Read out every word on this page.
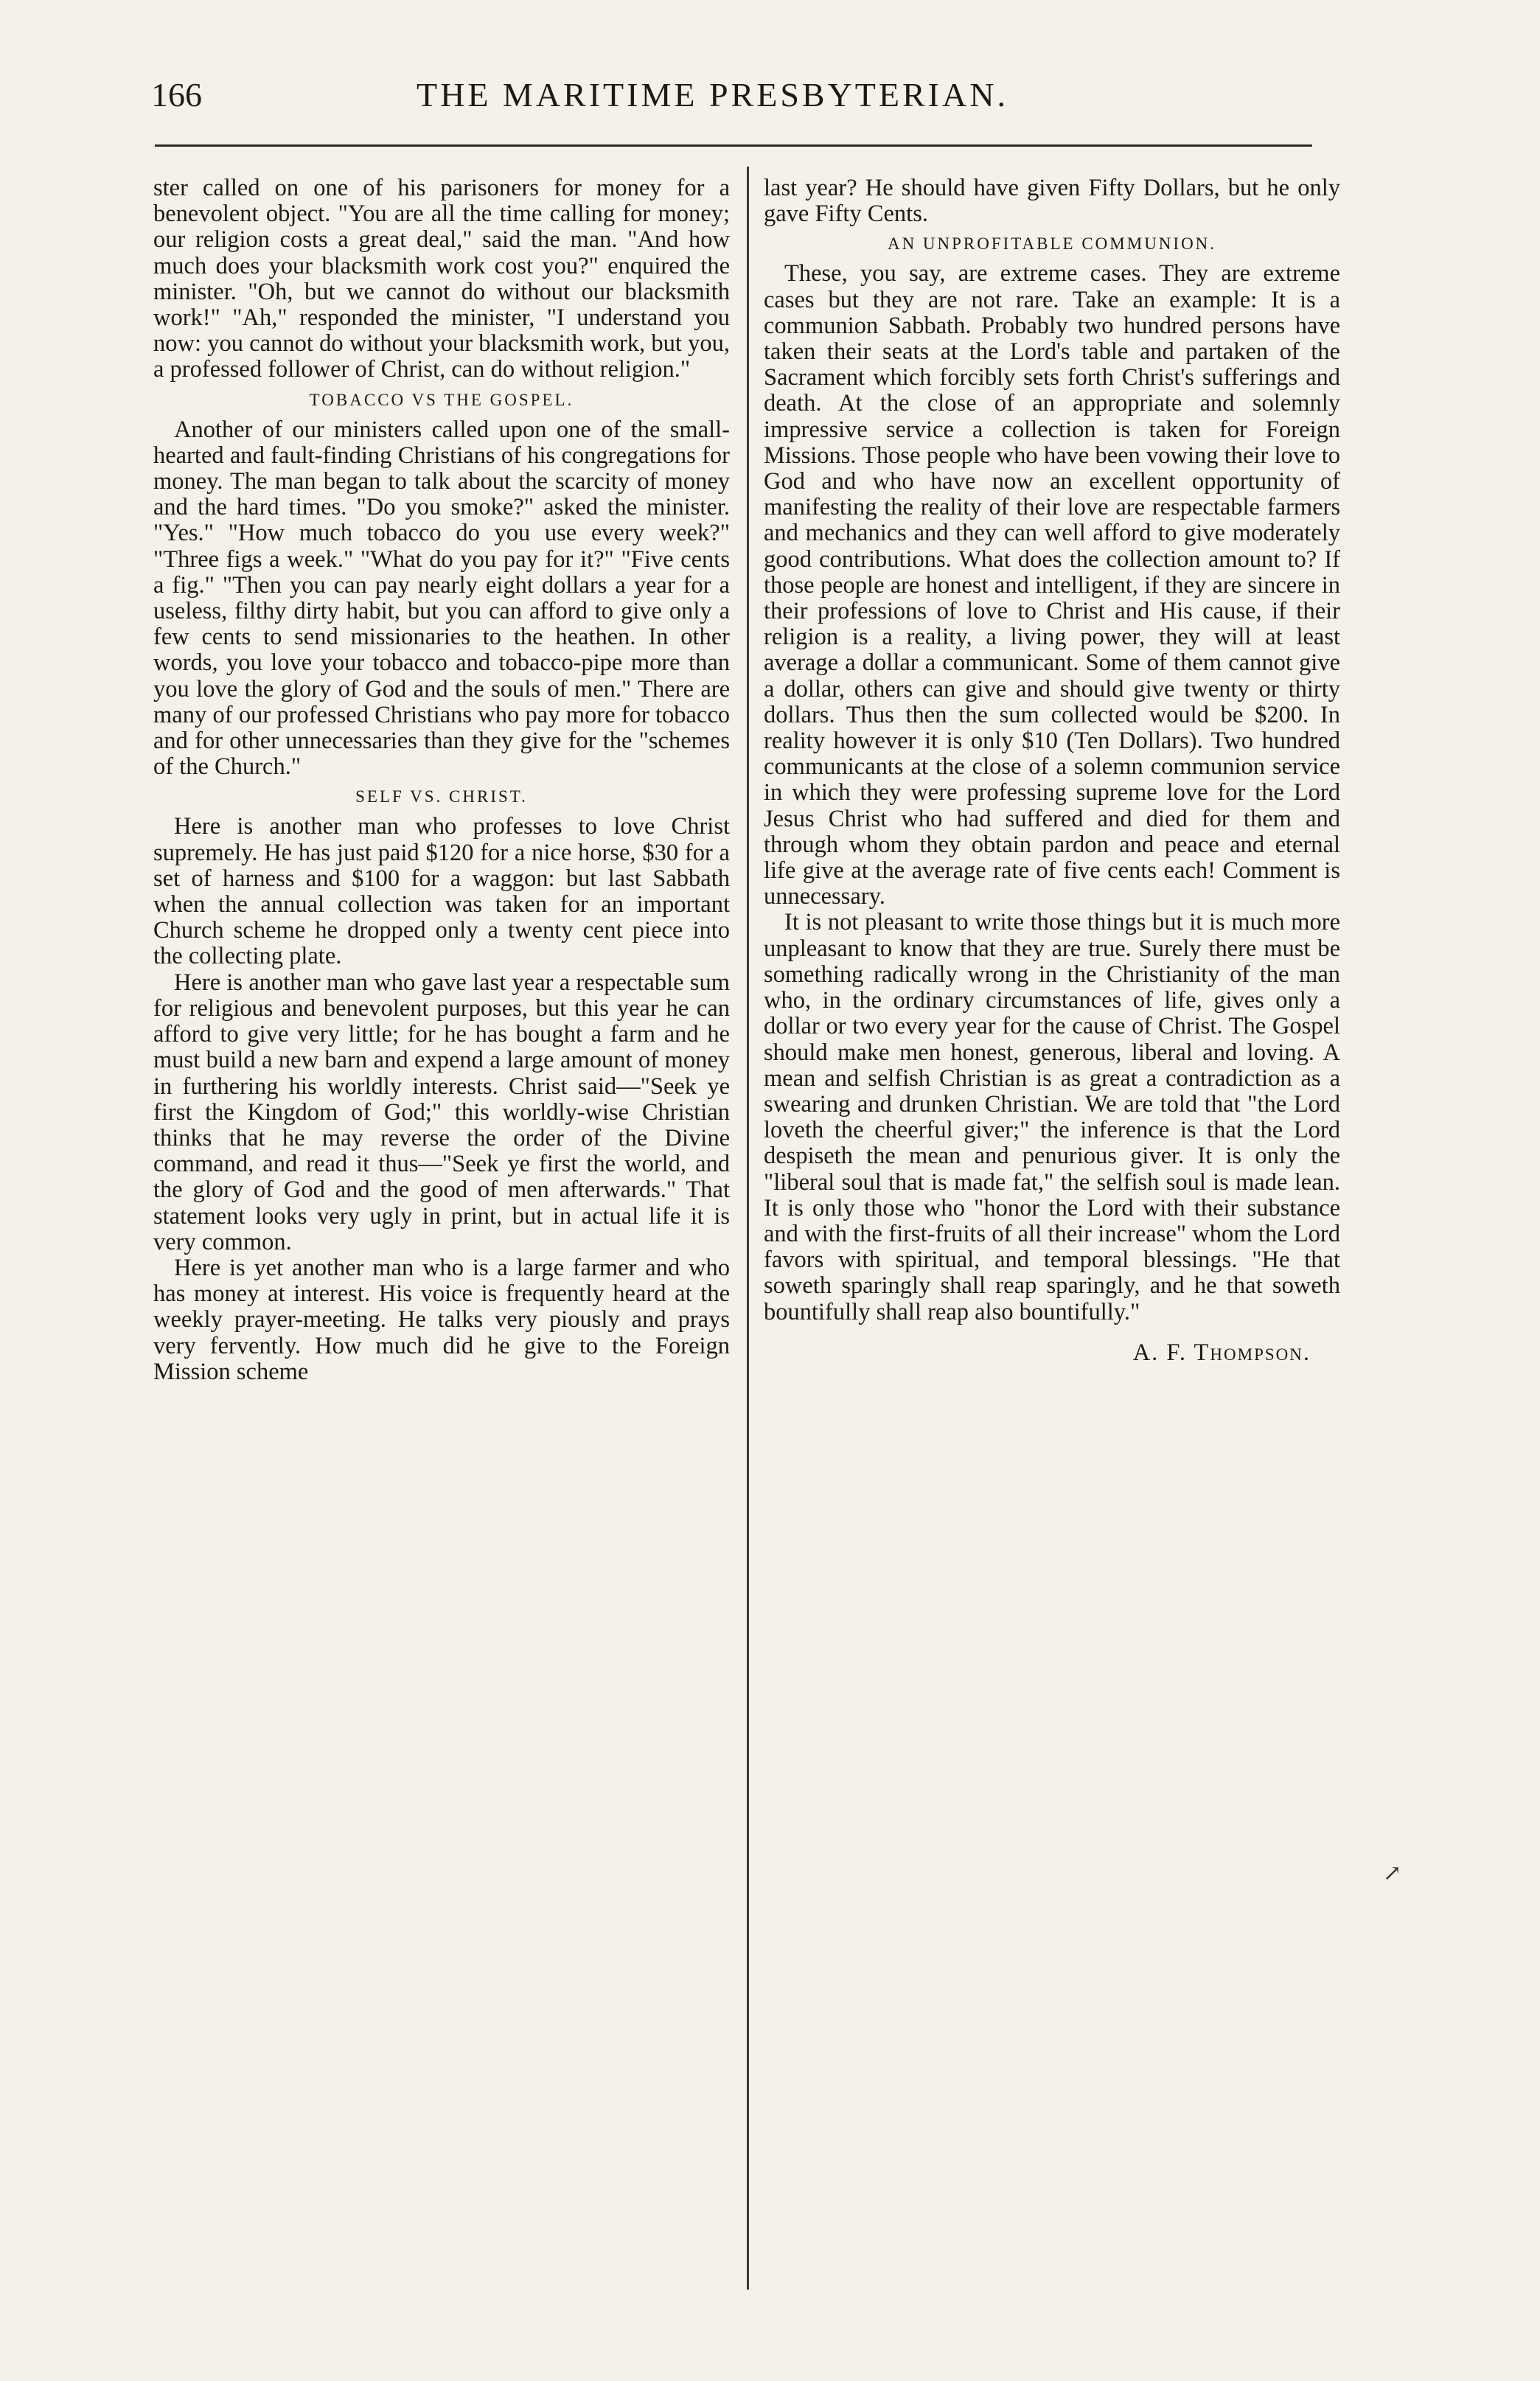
166	THE MARITIME PRESBYTERIAN.

ster called on one of his parisoners for money for a benevolent object. "You are all the time calling for money; our religion costs a great deal," said the man. "And how much does your blacksmith work cost you?" enquired the minister. "Oh, but we cannot do without our blacksmith work!" "Ah," responded the minister, "I understand you now: you cannot do without your blacksmith work, but you, a professed follower of Christ, can do without religion."

TOBACCO VS THE GOSPEL.

Another of our ministers called upon one of the small-hearted and fault-finding Christians of his congregations for money. The man began to talk about the scarcity of money and the hard times. "Do you smoke?" asked the minister. "Yes." "How much tobacco do you use every week?" "Three figs a week." "What do you pay for it?" "Five cents a fig." "Then you can pay nearly eight dollars a year for a useless, filthy dirty habit, but you can afford to give only a few cents to send missionaries to the heathen. In other words, you love your tobacco and tobacco-pipe more than you love the glory of God and the souls of men." There are many of our professed Christians who pay more for tobacco and for other unnecessaries than they give for the "schemes of the Church."

SELF VS. CHRIST.

Here is another man who professes to love Christ supremely. He has just paid $120 for a nice horse, $30 for a set of harness and $100 for a waggon: but last Sabbath when the annual collection was taken for an important Church scheme he dropped only a twenty cent piece into the collecting plate.

Here is another man who gave last year a respectable sum for religious and benevolent purposes, but this year he can afford to give very little; for he has bought a farm and he must build a new barn and expend a large amount of money in furthering his worldly interests. Christ said—"Seek ye first the Kingdom of God;" this worldly-wise Christian thinks that he may reverse the order of the Divine command, and read it thus—"Seek ye first the world, and the glory of God and the good of men afterwards." That statement looks very ugly in print, but in actual life it is very common.

Here is yet another man who is a large farmer and who has money at interest. His voice is frequently heard at the weekly prayer-meeting. He talks very piously and prays very fervently. How much did he give to the Foreign Mission scheme

last year? He should have given Fifty Dollars, but he only gave Fifty Cents.

AN UNPROFITABLE COMMUNION.

These, you say, are extreme cases. They are extreme cases but they are not rare. Take an example: It is a communion Sabbath. Probably two hundred persons have taken their seats at the Lord's table and partaken of the Sacrament which forcibly sets forth Christ's sufferings and death. At the close of an appropriate and solemnly impressive service a collection is taken for Foreign Missions. Those people who have been vowing their love to God and who have now an excellent opportunity of manifesting the reality of their love are respectable farmers and mechanics and they can well afford to give moderately good contributions. What does the collection amount to? If those people are honest and intelligent, if they are sincere in their professions of love to Christ and His cause, if their religion is a reality, a living power, they will at least average a dollar a communicant. Some of them cannot give a dollar, others can give and should give twenty or thirty dollars. Thus then the sum collected would be $200. In reality however it is only $10 (Ten Dollars). Two hundred communicants at the close of a solemn communion service in which they were professing supreme love for the Lord Jesus Christ who had suffered and died for them and through whom they obtain pardon and peace and eternal life give at the average rate of five cents each! Comment is unnecessary.

It is not pleasant to write those things but it is much more unpleasant to know that they are true. Surely there must be something radically wrong in the Christianity of the man who, in the ordinary circumstances of life, gives only a dollar or two every year for the cause of Christ. The Gospel should make men honest, generous, liberal and loving. A mean and selfish Christian is as great a contradiction as a swearing and drunken Christian. We are told that "the Lord loveth the cheerful giver;" the inference is that the Lord despiseth the mean and penurious giver. It is only the "liberal soul that is made fat," the selfish soul is made lean. It is only those who "honor the Lord with their substance and with the first-fruits of all their increase" whom the Lord favors with spiritual, and temporal blessings. "He that soweth sparingly shall reap sparingly, and he that soweth bountifully shall reap also bountifully."

A. F. Thompson.
↗
